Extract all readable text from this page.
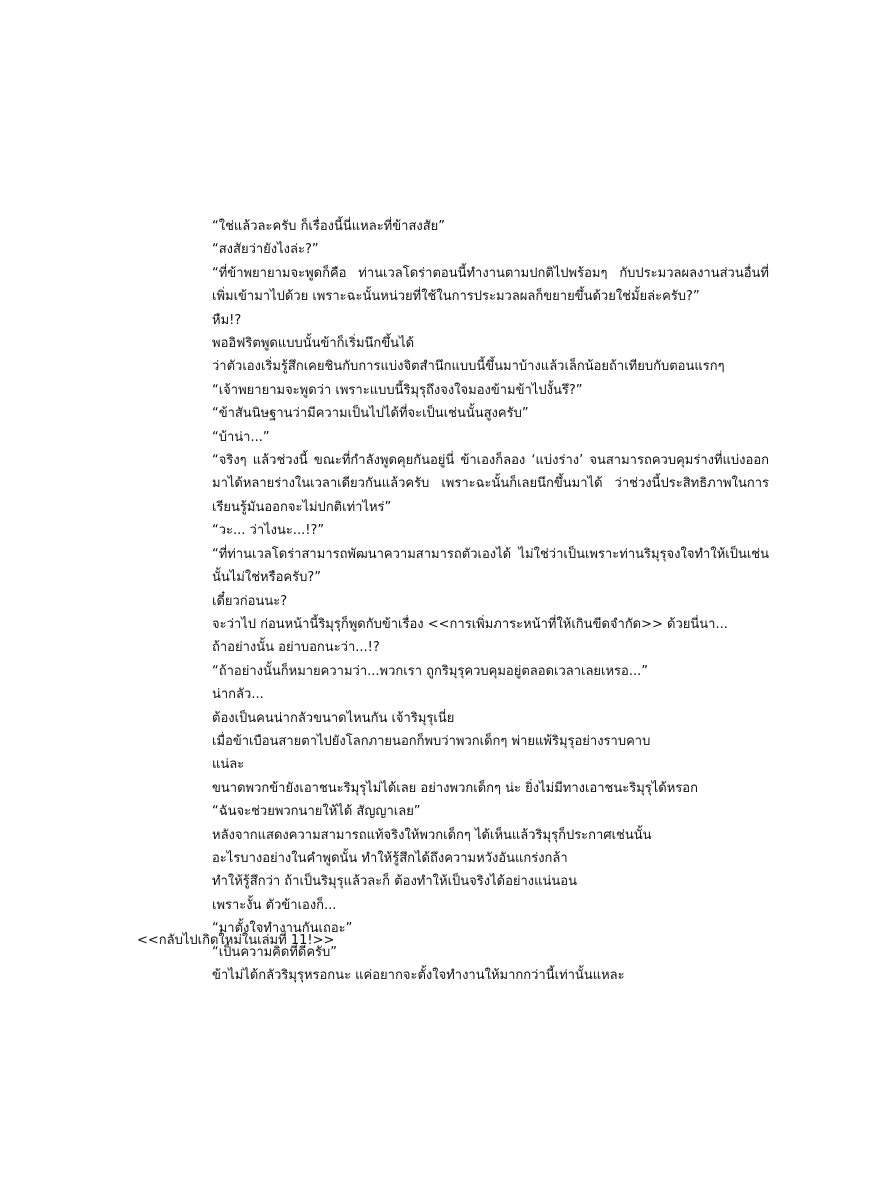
“ใช่แล้วละครับ ก็เรื่องนี้นี่แหละที่ข้าสงสัย”

“สงสัยว่ายังไงล่ะ?”

“ที่ข้าพยายามจะพูดก็คือ ท่านเวลโดร่าตอนนี้ทำงานตามปกติไปพร้อมๆ กับประมวลผลงานส่วนอื่นที่เพิ่มเข้ามาไปด้วย เพราะฉะนั้นหน่วยที่ใช้ในการประมวลผลก็ขยายขึ้นด้วยใช่มั้ยล่ะครับ?”

หืม!?

พออิฟริตพูดแบบนั้นข้าก็เริ่มนึกขึ้นได้

ว่าตัวเองเริ่มรู้สึกเคยชินกับการแบ่งจิตสำนึกแบบนี้ขึ้นมาบ้างแล้วเล็กน้อยถ้าเทียบกับตอนแรกๆ

“เจ้าพยายามจะพูดว่า เพราะแบบนี้ริมุรุถึงจงใจมองข้ามข้าไปงั้นรึ?”

“ข้าสันนิษฐานว่ามีความเป็นไปได้ที่จะเป็นเช่นนั้นสูงครับ”

“บ้าน่า...”

“จริงๆ แล้วช่วงนี้ ขณะที่กำลังพูดคุยกันอยู่นี่ ข้าเองก็ลอง ‘แบ่งร่าง’ จนสามารถควบคุมร่างที่แบ่งออกมาได้หลายร่างในเวลาเดียวกันแล้วครับ เพราะฉะนั้นก็เลยนึกขึ้นมาได้ ว่าช่วงนี้ประสิทธิภาพในการเรียนรู้มันออกจะไม่ปกติเท่าไหร่”

“วะ... ว่าไงนะ...!?”

“ที่ท่านเวลโดร่าสามารถพัฒนาความสามารถตัวเองได้ ไม่ใช่ว่าเป็นเพราะท่านริมุรุจงใจทำให้เป็นเช่นนั้นไม่ใช่หรือครับ?”

เดี๋ยวก่อนนะ?

จะว่าไป ก่อนหน้านี้ริมุรุก็พูดกับข้าเรื่อง <<การเพิ่มภาระหน้าที่ให้เกินขีดจำกัด>> ด้วยนี่นา...

ถ้าอย่างนั้น อย่าบอกนะว่า...!?

“ถ้าอย่างนั้นก็หมายความว่า...พวกเรา ถูกริมุรุควบคุมอยู่ตลอดเวลาเลยเหรอ...”

น่ากลัว...

ต้องเป็นคนน่ากลัวขนาดไหนกัน เจ้าริมุรุเนี่ย

เมื่อข้าเบือนสายตาไปยังโลกภายนอกก็พบว่าพวกเด็กๆ พ่ายแพ้ริมุรุอย่างราบคาบ

แน่ละ

ขนาดพวกข้ายังเอาชนะริมุรุไม่ได้เลย อย่างพวกเด็กๆ น่ะ ยิ่งไม่มีทางเอาชนะริมุรุได้หรอก

“ฉันจะช่วยพวกนายให้ได้ สัญญาเลย”

หลังจากแสดงความสามารถแท้จริงให้พวกเด็กๆ ได้เห็นแล้วริมุรุก็ประกาศเช่นนั้น

อะไรบางอย่างในคำพูดนั้น ทำให้รู้สึกได้ถึงความหวังอันแกร่งกล้า

ทำให้รู้สึกว่า ถ้าเป็นริมุรุแล้วละก็ ต้องทำให้เป็นจริงได้อย่างแน่นอน

เพราะงั้น ตัวข้าเองก็...

“มาตั้งใจทำงานกันเถอะ”

“เป็นความคิดที่ดีครับ”

ข้าไม่ได้กลัวริมุรุหรอกนะ แค่อยากจะตั้งใจทำงานให้มากกว่านี้เท่านั้นแหละ

<<กลับไปเกิดใหม่ในเล่มที่ 11!>>
